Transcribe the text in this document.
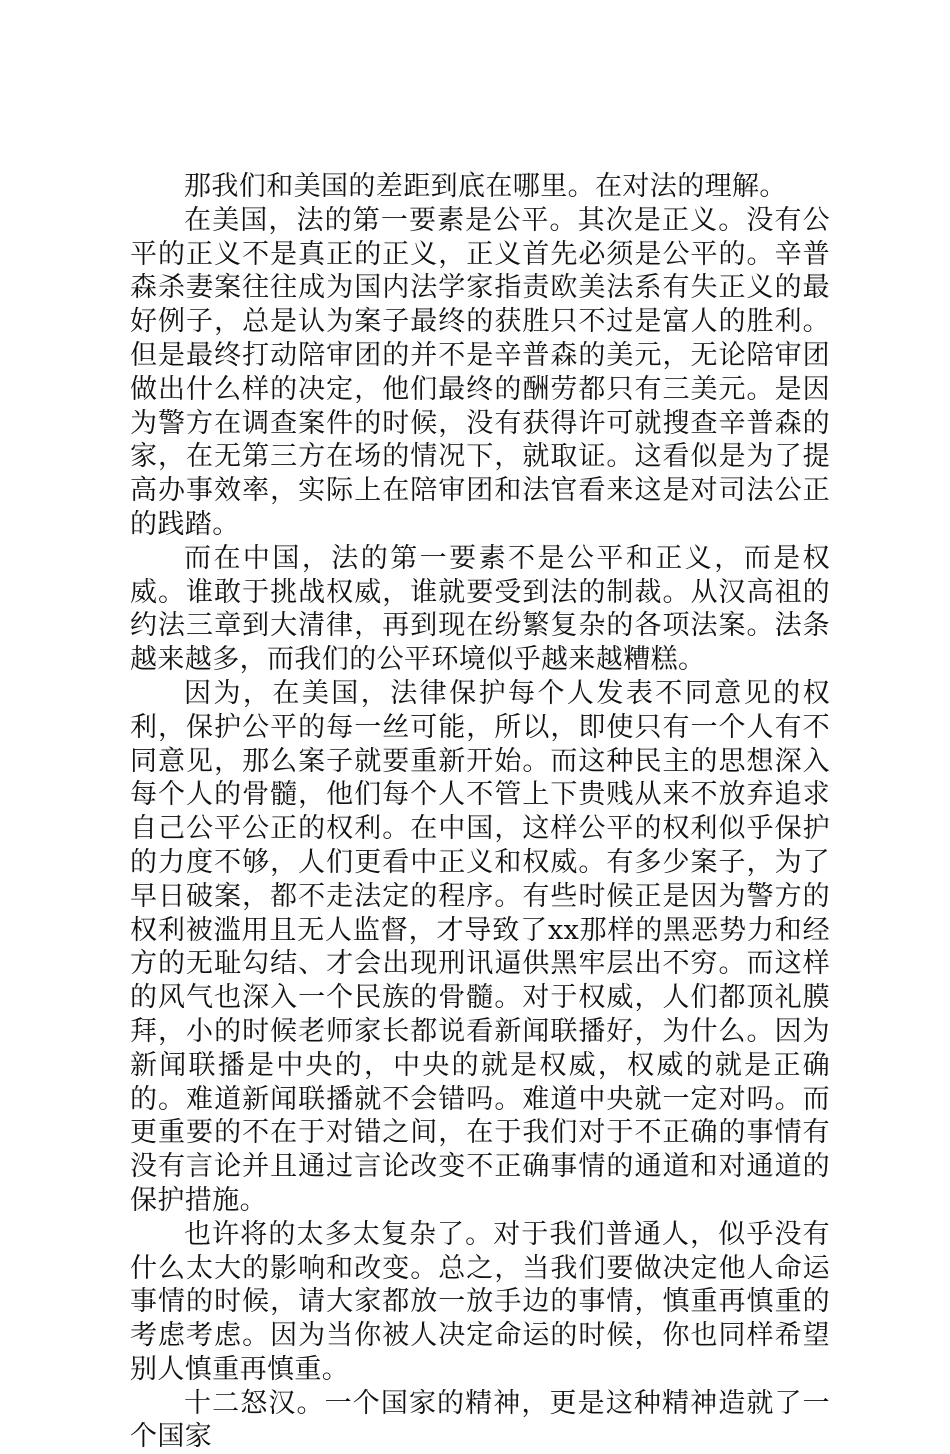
那我们和美国的差距到底在哪里。在对法的理解。

在美国，法的第一要素是公平。其次是正义。没有公平的正义不是真正的正义，正义首先必须是公平的。辛普森杀妻案往往成为国内法学家指责欧美法系有失正义的最好例子，总是认为案子最终的获胜只不过是富人的胜利。但是最终打动陪审团的并不是辛普森的美元，无论陪审团做出什么样的决定，他们最终的酬劳都只有三美元。是因为警方在调查案件的时候，没有获得许可就搜查辛普森的家，在无第三方在场的情况下，就取证。这看似是为了提高办事效率，实际上在陪审团和法官看来这是对司法公正的践踏。

而在中国，法的第一要素不是公平和正义，而是权威。谁敢于挑战权威，谁就要受到法的制裁。从汉高祖的约法三章到大清律，再到现在纷繁复杂的各项法案。法条越来越多，而我们的公平环境似乎越来越糟糕。

因为，在美国，法律保护每个人发表不同意见的权利，保护公平的每一丝可能，所以，即使只有一个人有不同意见，那么案子就要重新开始。而这种民主的思想深入每个人的骨髓，他们每个人不管上下贵贱从来不放弃追求自己公平公正的权利。在中国，这样公平的权利似乎保护的力度不够，人们更看中正义和权威。有多少案子，为了早日破案，都不走法定的程序。有些时候正是因为警方的权利被滥用且无人监督，才导致了xx那样的黑恶势力和经方的无耻勾结、才会出现刑讯逼供黑牢层出不穷。而这样的风气也深入一个民族的骨髓。对于权威，人们都顶礼膜拜，小的时候老师家长都说看新闻联播好，为什么。因为新闻联播是中央的，中央的就是权威，权威的就是正确的。难道新闻联播就不会错吗。难道中央就一定对吗。而更重要的不在于对错之间，在于我们对于不正确的事情有没有言论并且通过言论改变不正确事情的通道和对通道的保护措施。

也许将的太多太复杂了。对于我们普通人，似乎没有什么太大的影响和改变。总之，当我们要做决定他人命运事情的时候，请大家都放一放手边的事情，慎重再慎重的考虑考虑。因为当你被人决定命运的时候，你也同样希望别人慎重再慎重。

十二怒汉。一个国家的精神，更是这种精神造就了一个国家
